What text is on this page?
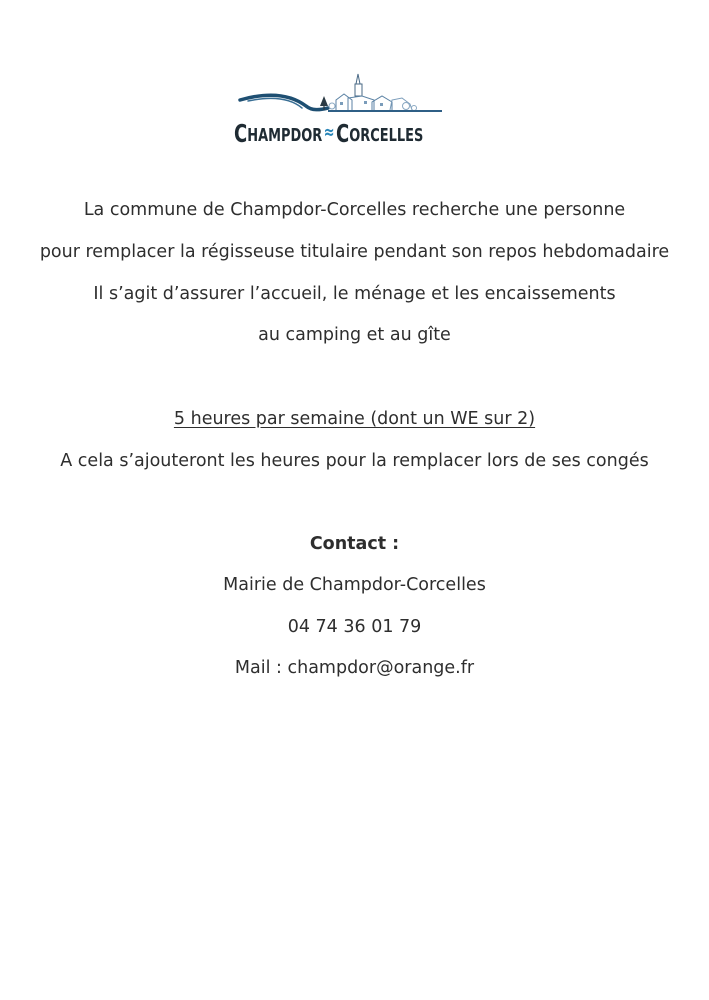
C HAMPDOR ≈ C ORCELLES
La commune de Champdor-Corcelles recherche une personne
pour remplacer la régisseuse titulaire pendant son repos hebdomadaire
Il s’agit d’assurer l’accueil, le ménage et les encaissements
au camping et au gîte
5 heures par semaine (dont un WE sur 2)
A cela s’ajouteront les heures pour la remplacer lors de ses congés
Contact :
Mairie de Champdor-Corcelles
04 74 36 01 79
Mail : champdor@orange.fr
